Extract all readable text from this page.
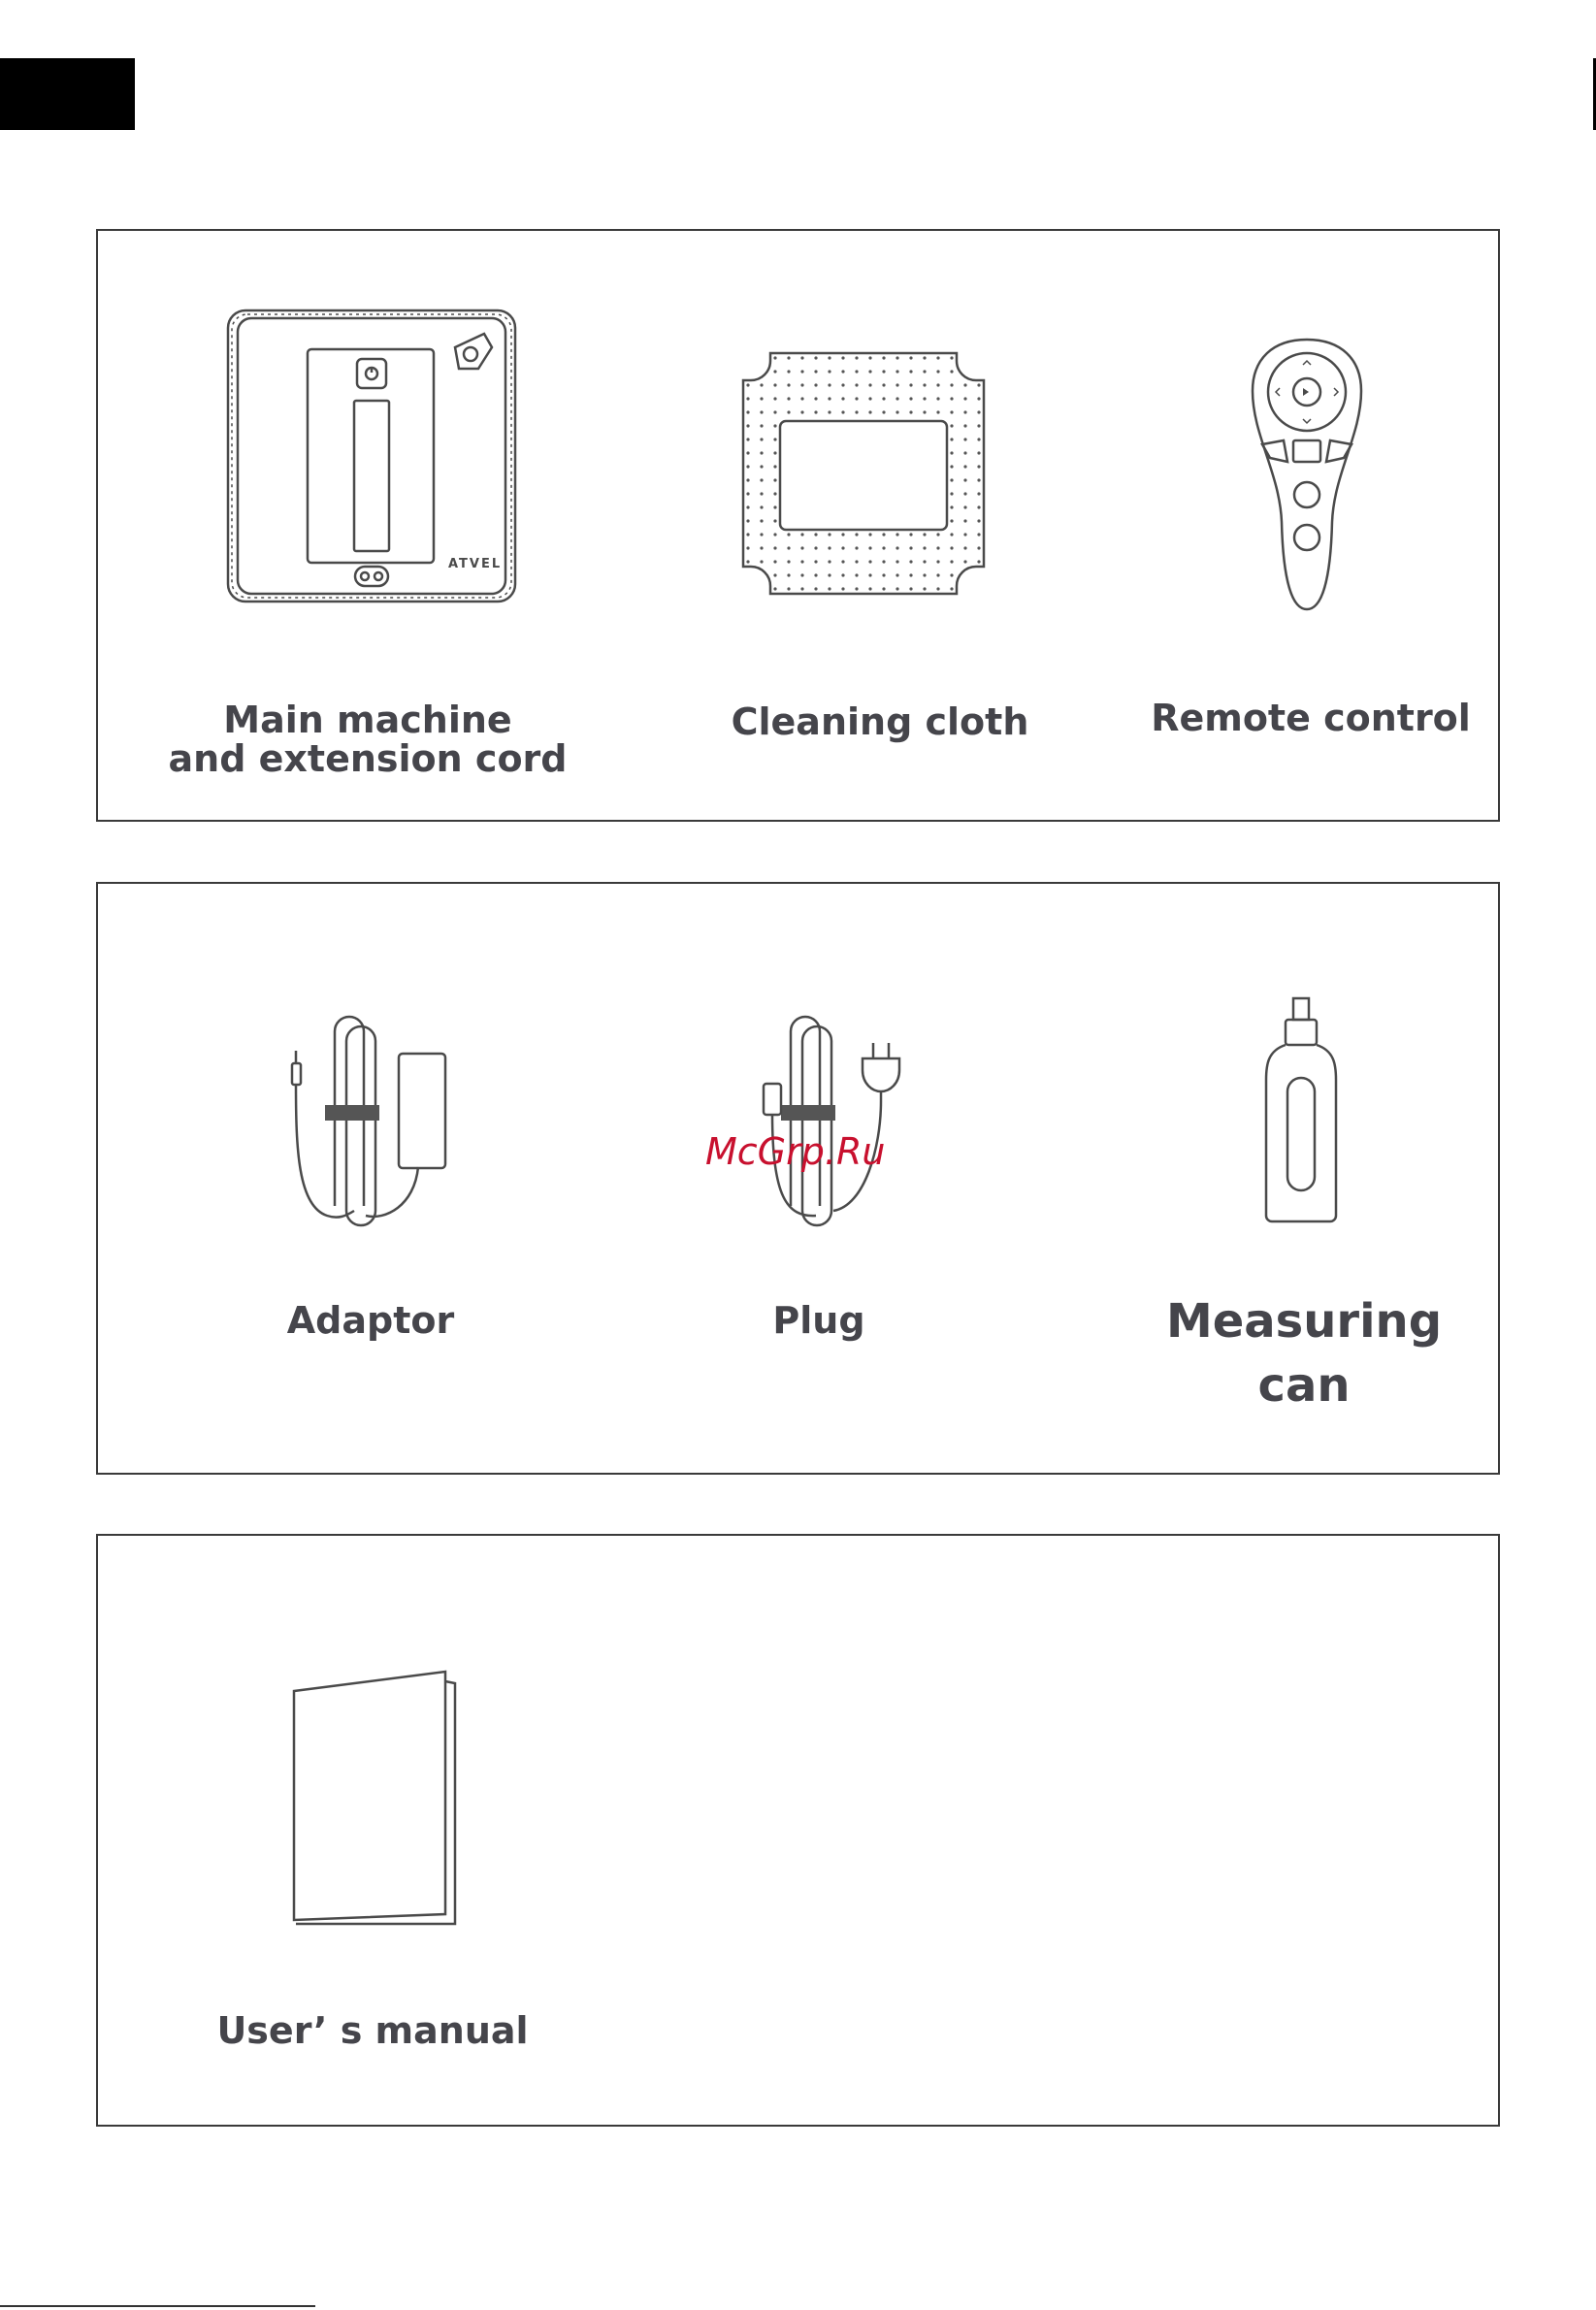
ATVEL
Main machine
and extension cord
Cleaning cloth	Remote control
Adaptor	Plug	Measuring
can
User’ s manual
McGrp.Ru
